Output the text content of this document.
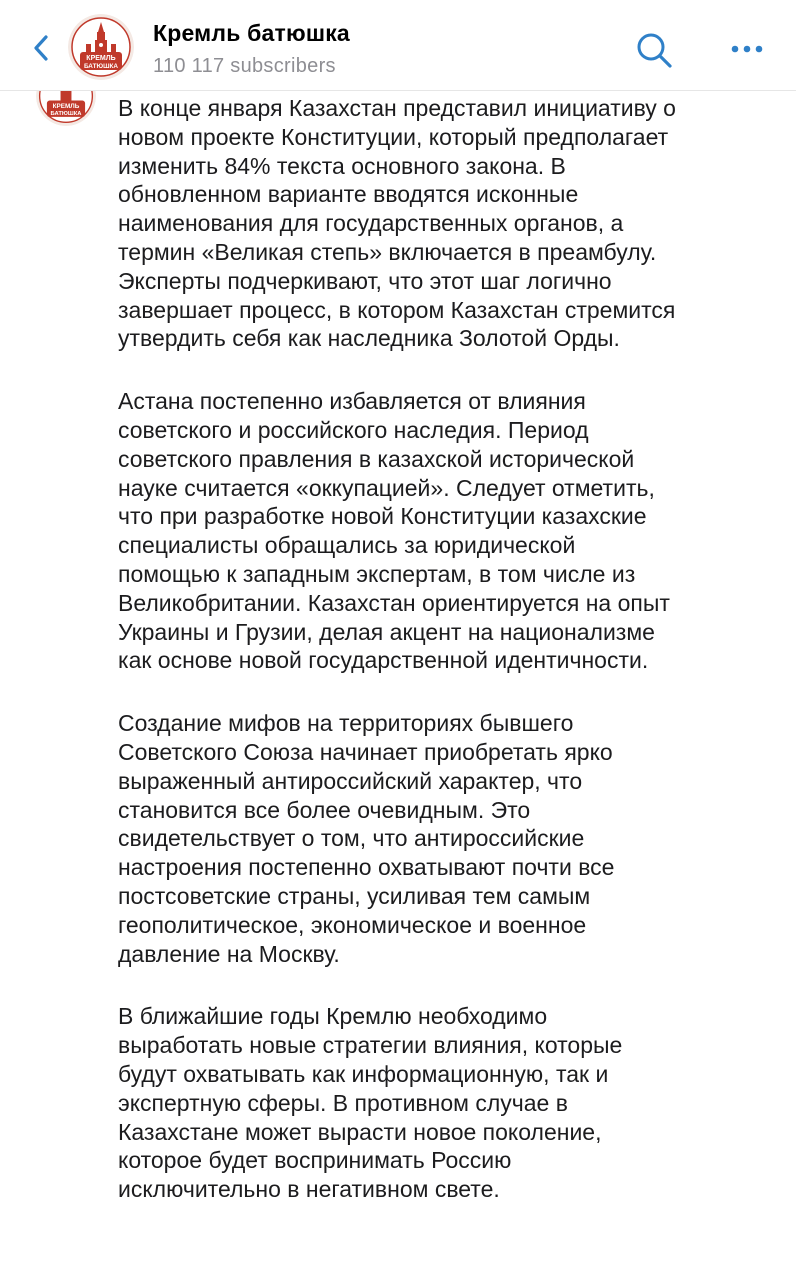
КРЕМЛЬ
БАТЮШКА
Кремль батюшка
110 117 subscribers
КРЕМЛЬ
БАТЮШКА В конце января Казахстан представил инициативу о новом проекте Конституции, который предполагает изменить 84% текста основного закона. В обновленном варианте вводятся исконные наименования для государственных органов, а термин «Великая степь» включается в преамбулу. Эксперты подчеркивают, что этот шаг логично завершает процесс, в котором Казахстан стремится утвердить себя как наследника Золотой Орды.

Астана постепенно избавляется от влияния советского и российского наследия. Период советского правления в казахской исторической науке считается «оккупацией». Следует отметить, что при разработке новой Конституции казахские специалисты обращались за юридической помощью к западным экспертам, в том числе из Великобритании. Казахстан ориентируется на опыт Украины и Грузии, делая акцент на национализме как основе новой государственной идентичности.

Создание мифов на территориях бывшего Советского Союза начинает приобретать ярко выраженный антироссийский характер, что становится все более очевидным. Это свидетельствует о том, что антироссийские настроения постепенно охватывают почти все постсоветские страны, усиливая тем самым геополитическое, экономическое и военное давление на Москву.

В ближайшие годы Кремлю необходимо выработать новые стратегии влияния, которые будут охватывать как информационную, так и экспертную сферы. В противном случае в Казахстане может вырасти новое поколение, которое будет воспринимать Россию исключительно в негативном свете.
